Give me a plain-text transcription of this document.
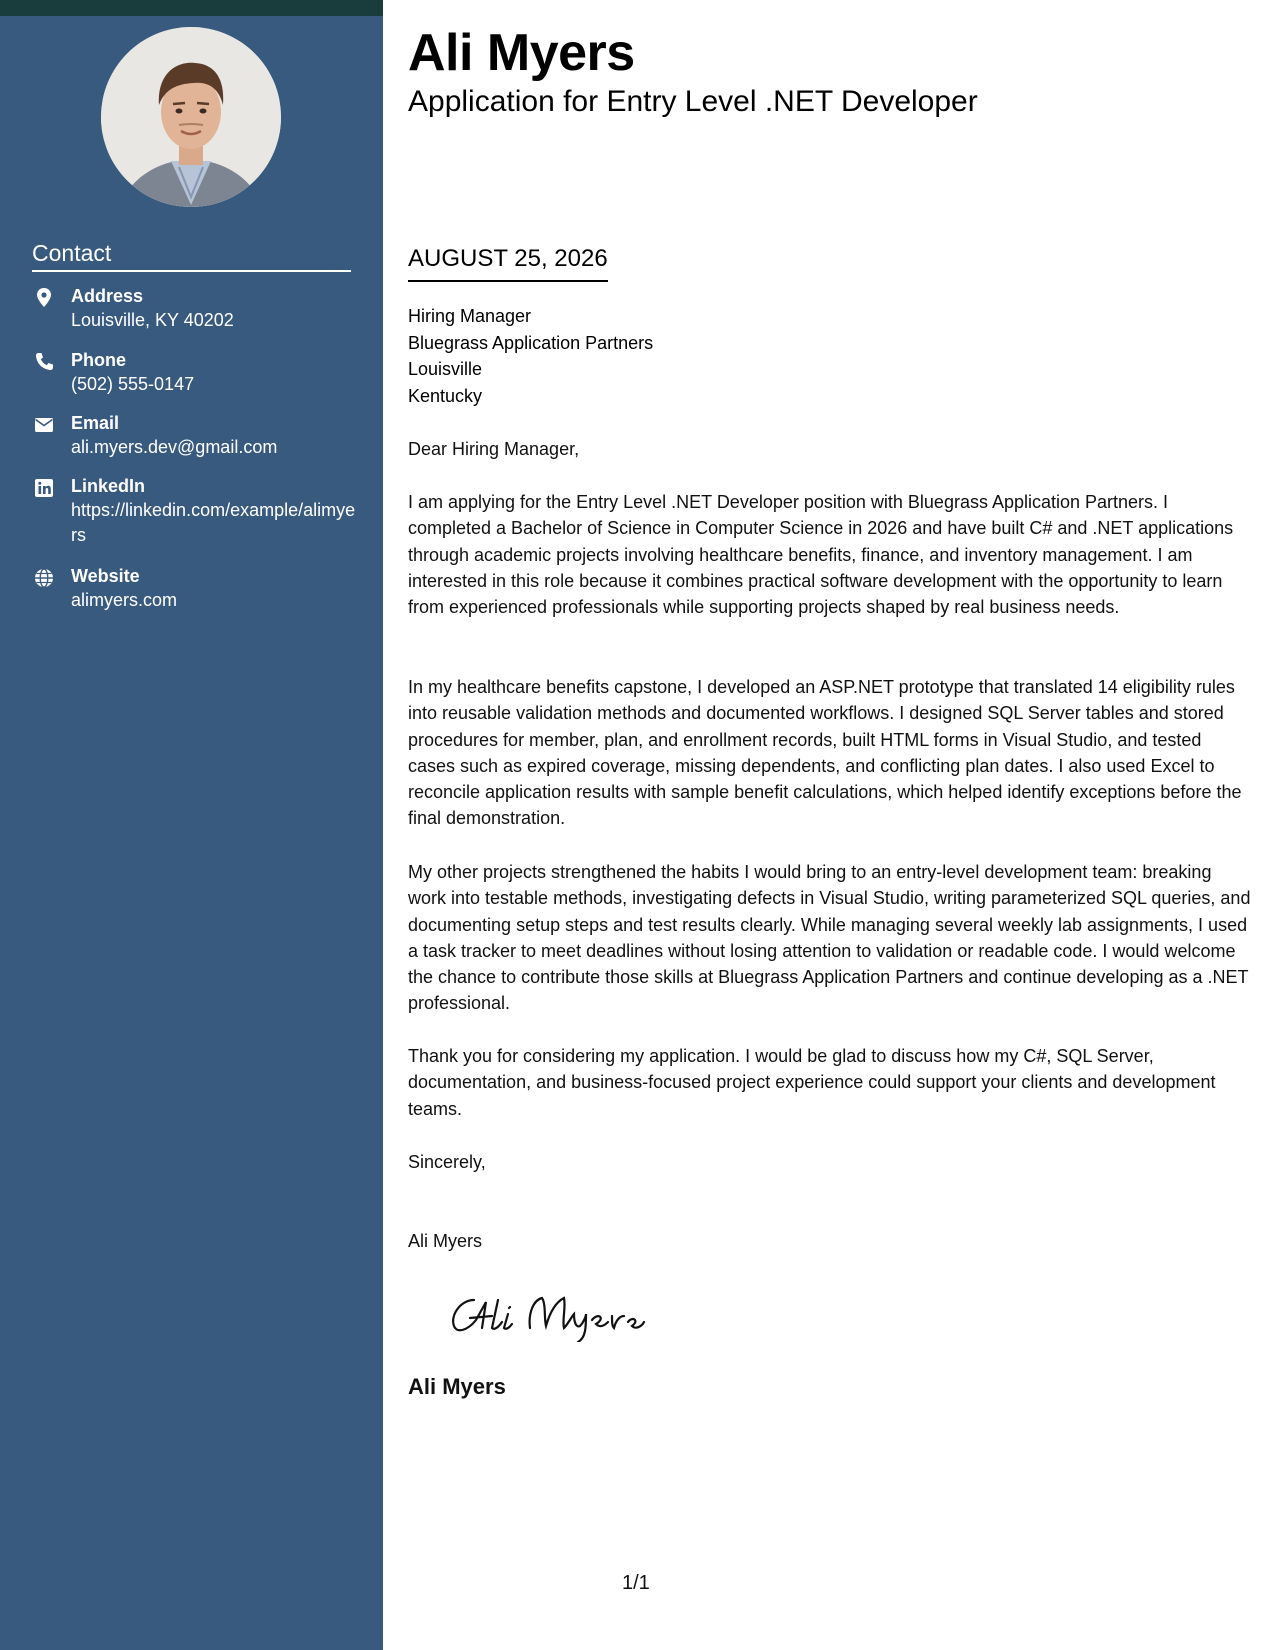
Contact
Address
Louisville, KY 40202
Phone
(502) 555-0147
Email
ali.myers.dev@gmail.com
LinkedIn
https://linkedin.com/example/alimyers
Website
alimyers.com
Ali Myers
Application for Entry Level .NET Developer
AUGUST 25, 2026
Hiring Manager
Bluegrass Application Partners
Louisville
Kentucky
Dear Hiring Manager,

I am applying for the Entry Level .NET Developer position with Bluegrass Application Partners. I completed a Bachelor of Science in Computer Science in 2026 and have built C# and .NET applications through academic projects involving healthcare benefits, finance, and inventory management. I am interested in this role because it combines practical software development with the opportunity to learn from experienced professionals while supporting projects shaped by real business needs.

In my healthcare benefits capstone, I developed an ASP.NET prototype that translated 14 eligibility rules into reusable validation methods and documented workflows. I designed SQL Server tables and stored procedures for member, plan, and enrollment records, built HTML forms in Visual Studio, and tested cases such as expired coverage, missing dependents, and conflicting plan dates. I also used Excel to reconcile application results with sample benefit calculations, which helped identify exceptions before the final demonstration.

My other projects strengthened the habits I would bring to an entry-level development team: breaking work into testable methods, investigating defects in Visual Studio, writing parameterized SQL queries, and documenting setup steps and test results clearly. While managing several weekly lab assignments, I used a task tracker to meet deadlines without losing attention to validation or readable code. I would welcome the chance to contribute those skills at Bluegrass Application Partners and continue developing as a .NET professional.

Thank you for considering my application. I would be glad to discuss how my C#, SQL Server, documentation, and business-focused project experience could support your clients and development teams.

Sincerely,
Ali Myers
Ali Myers
1/1
